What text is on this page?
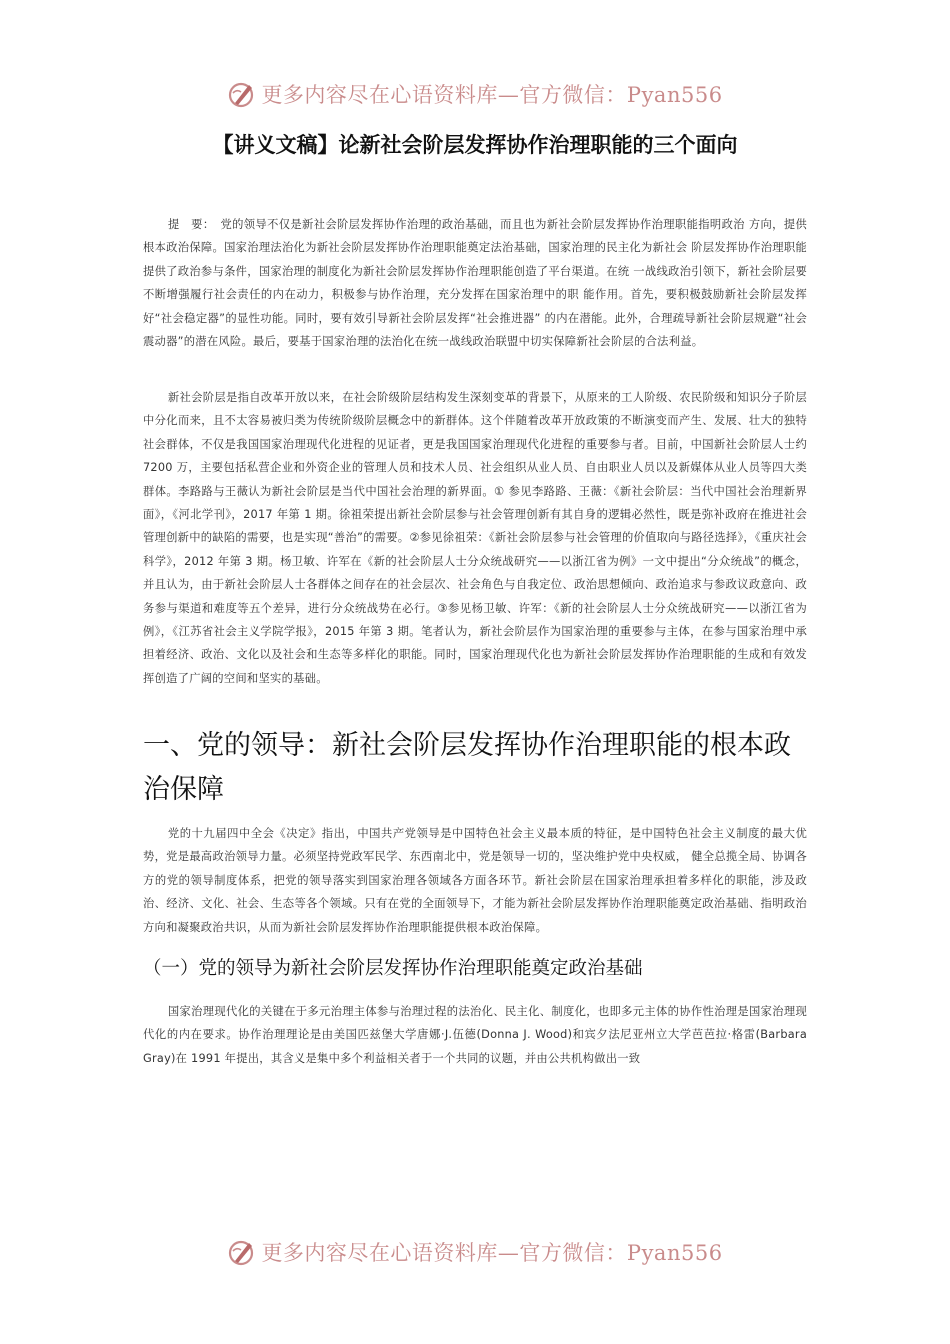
更多内容尽在心语资料库—官方微信：Pyan556
【讲义文稿】论新社会阶层发挥协作治理职能的三个面向

提　要：　党的领导不仅是新社会阶层发挥协作治理的政治基础，而且也为新社会阶层发挥协作治理职能指明政治 方向，提供根本政治保障。国家治理法治化为新社会阶层发挥协作治理职能奠定法治基础，国家治理的民主化为新社会 阶层发挥协作治理职能提供了政治参与条件，国家治理的制度化为新社会阶层发挥协作治理职能创造了平台渠道。在统 一战线政治引领下，新社会阶层要不断增强履行社会责任的内在动力，积极参与协作治理，充分发挥在国家治理中的职 能作用。首先，要积极鼓励新社会阶层发挥好“社会稳定器”的显性功能。同时，要有效引导新社会阶层发挥“社会推进器” 的内在潜能。此外，合理疏导新社会阶层规避“社会震动器”的潜在风险。最后，要基于国家治理的法治化在统一战线政治联盟中切实保障新社会阶层的合法利益。

新社会阶层是指自改革开放以来，在社会阶级阶层结构发生深刻变革的背景下，从原来的工人阶级、农民阶级和知识分子阶层中分化而来，且不太容易被归类为传统阶级阶层概念中的新群体。这个伴随着改革开放政策的不断演变而产生、发展、壮大的独特社会群体，不仅是我国国家治理现代化进程的见证者，更是我国国家治理现代化进程的重要参与者。目前，中国新社会阶层人士约 7200 万，主要包括私营企业和外资企业的管理人员和技术人员、社会组织从业人员、自由职业人员以及新媒体从业人员等四大类群体。李路路与王薇认为新社会阶层是当代中国社会治理的新界面。① 参见李路路、王薇：《新社会阶层：当代中国社会治理新界面》，《河北学刊》，2017 年第 1 期。徐祖荣提出新社会阶层参与社会管理创新有其自身的逻辑必然性，既是弥补政府在推进社会管理创新中的缺陷的需要，也是实现“善治”的需要。②参见徐祖荣：《新社会阶层参与社会管理的价值取向与路径选择》，《重庆社会科学》，2012 年第 3 期。杨卫敏、许军在《新的社会阶层人士分众统战研究——以浙江省为例》一文中提出“分众统战”的概念，并且认为，由于新社会阶层人士各群体之间存在的社会层次、社会角色与自我定位、政治思想倾向、政治追求与参政议政意向、政务参与渠道和难度等五个差异，进行分众统战势在必行。③参见杨卫敏、许军：《新的社会阶层人士分众统战研究——以浙江省为例》，《江苏省社会主义学院学报》，2015 年第 3 期。笔者认为，新社会阶层作为国家治理的重要参与主体，在参与国家治理中承担着经济、政治、文化以及社会和生态等多样化的职能。同时，国家治理现代化也为新社会阶层发挥协作治理职能的生成和有效发挥创造了广阔的空间和坚实的基础。

一、党的领导：新社会阶层发挥协作治理职能的根本政治保障

党的十九届四中全会《决定》指出，中国共产党领导是中国特色社会主义最本质的特征，是中国特色社会主义制度的最大优势，党是最高政治领导力量。必须坚持党政军民学、东西南北中，党是领导一切的，坚决维护党中央权威， 健全总揽全局、协调各方的党的领导制度体系，把党的领导落实到国家治理各领域各方面各环节。新社会阶层在国家治理承担着多样化的职能，涉及政治、经济、文化、社会、生态等各个领域。只有在党的全面领导下，才能为新社会阶层发挥协作治理职能奠定政治基础、指明政治方向和凝聚政治共识，从而为新社会阶层发挥协作治理职能提供根本政治保障。

（一）党的领导为新社会阶层发挥协作治理职能奠定政治基础

国家治理现代化的关键在于多元治理主体参与治理过程的法治化、民主化、制度化，也即多元主体的协作性治理是国家治理现代化的内在要求。协作治理理论是由美国匹兹堡大学唐娜·J.伍德(Donna J. Wood)和宾夕法尼亚州立大学芭芭拉·格雷(Barbara Gray)在 1991 年提出，其含义是集中多个利益相关者于一个共同的议题，并由公共机构做出一致

更多内容尽在心语资料库—官方微信：Pyan556
